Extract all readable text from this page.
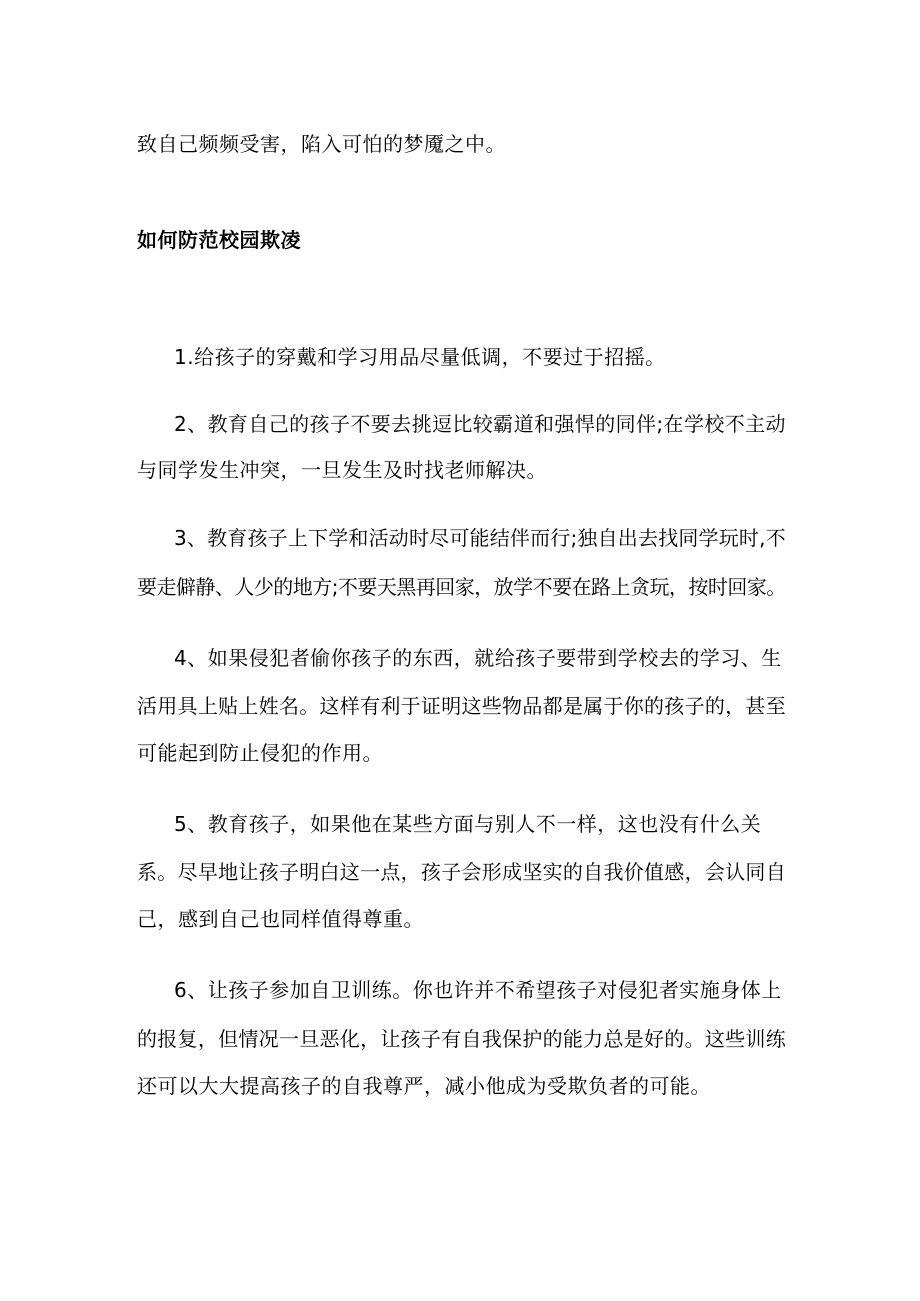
致自己频频受害，陷入可怕的梦魇之中。
如何防范校园欺凌
1.给孩子的穿戴和学习用品尽量低调，不要过于招摇。
2、教育自己的孩子不要去挑逗比较霸道和强悍的同伴;在学校不主动
与同学发生冲突，一旦发生及时找老师解决。
3、教育孩子上下学和活动时尽可能结伴而行;独自出去找同学玩时,不
要走僻静、人少的地方;不要天黑再回家，放学不要在路上贪玩，按时回家。
4、如果侵犯者偷你孩子的东西，就给孩子要带到学校去的学习、生
活用具上贴上姓名。这样有利于证明这些物品都是属于你的孩子的，甚至
可能起到防止侵犯的作用。
5、教育孩子，如果他在某些方面与别人不一样，这也没有什么关
系。尽早地让孩子明白这一点，孩子会形成坚实的自我价值感，会认同自
己，感到自己也同样值得尊重。
6、让孩子参加自卫训练。你也许并不希望孩子对侵犯者实施身体上
的报复，但情况一旦恶化，让孩子有自我保护的能力总是好的。这些训练
还可以大大提高孩子的自我尊严，减小他成为受欺负者的可能。
